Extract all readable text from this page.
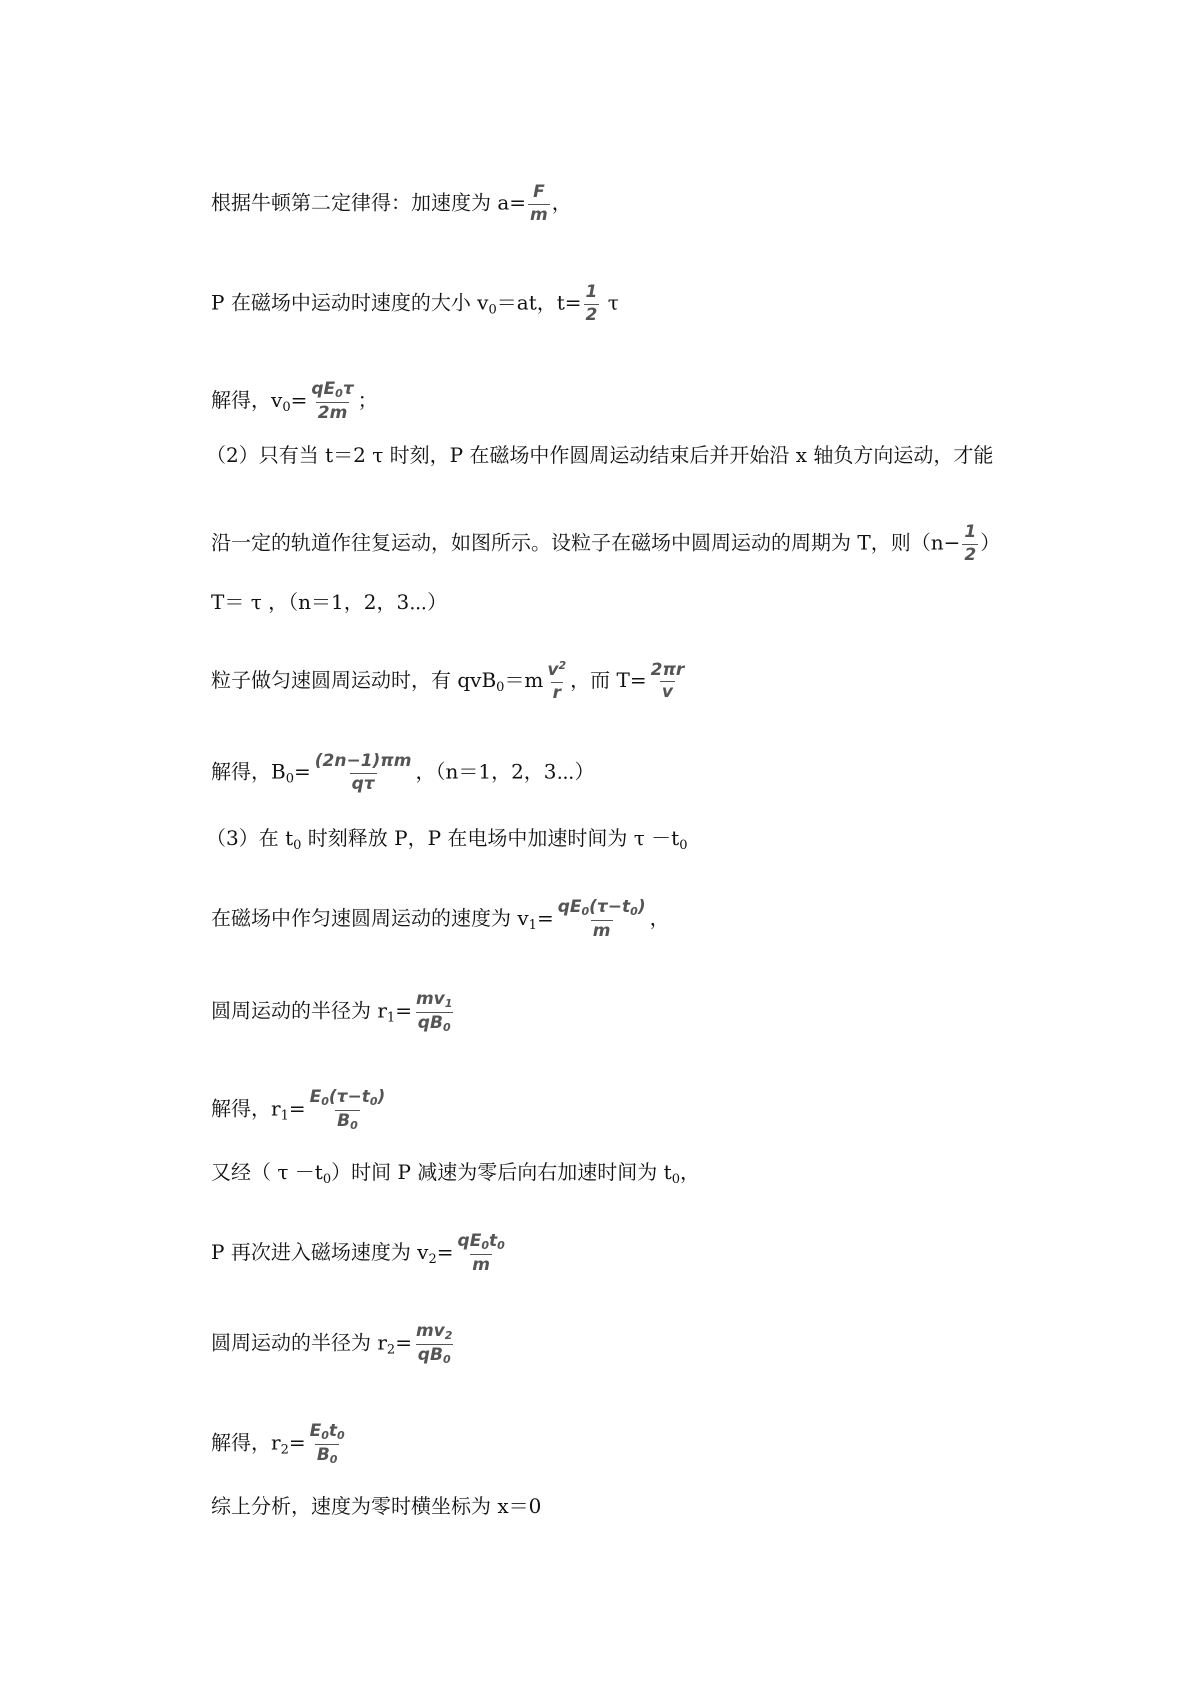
根据牛顿第二定律得：加速度为 $a= \frac{F}{m}$ ，
P 在磁场中运动时速度的大小 $v_0=at$，$t= \frac{1}{2}$ τ
解得，$v_0= \frac{qE0\tau}{2m}$ ；
（2）只有当 t＝2 τ 时刻，P 在磁场中作圆周运动结束后并开始沿 x 轴负方向运动，才能
沿一定的轨道作往复运动，如图所示。设粒子在磁场中圆周运动的周期为 T，则（$n- \frac{1}{2}$ ）
T＝ τ ，（n＝1，2，3⋯）
粒子做匀速圆周运动时，有 $qvB_0=m \frac{v^2}{r}$ ，而 $T= \frac{2\pi r}{v}$
解得，$B_0= \frac{(2n-1)\pi m}{q\tau}$ ，（n＝1，2，3⋯）
（3）在 $t_0$ 时刻释放 P，P 在电场中加速时间为 $\tau -t_0$
在磁场中作匀速圆周运动的速度为 $v_1= \frac{qE0(\tau-t0)}{m}$ ，
圆周运动的半径为 $r_1= \frac{mv1}{qB0}$
解得，$r_1= \frac{E0(\tau-t0)}{B0}$
又经（ $\tau -t_0$）时间 P 减速为零后向右加速时间为 $t_0$，
P 再次进入磁场速度为 $v_2= \frac{qE0t0}{m}$
圆周运动的半径为 $r_2= \frac{mv2}{qB0}$
解得，$r_2= \frac{E0t0}{B0}$
综上分析，速度为零时横坐标为 x＝0
